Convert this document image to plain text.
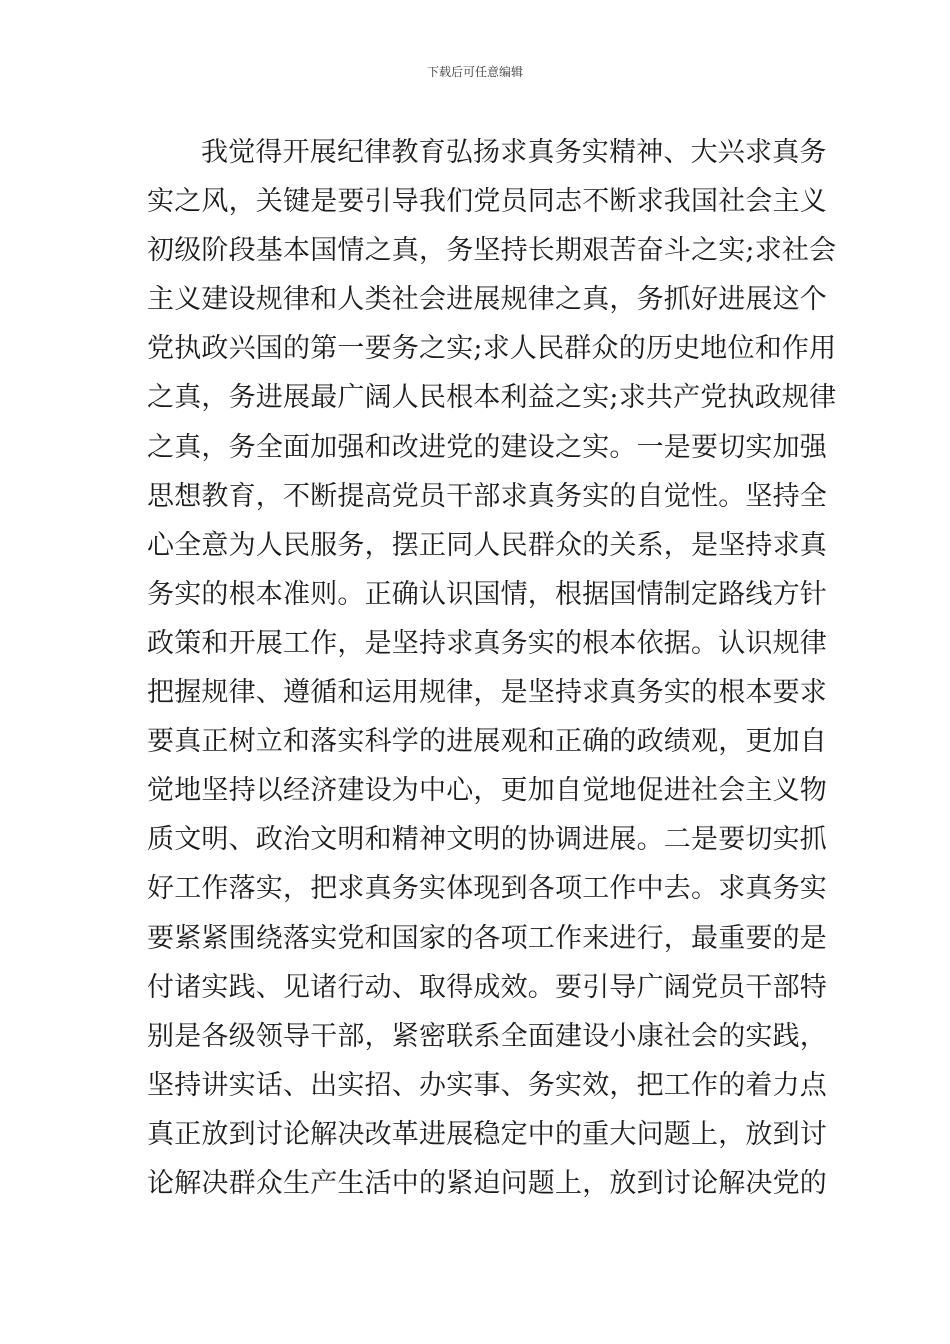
下载后可任意编辑
我觉得开展纪律教育弘扬求真务实精神、大兴求真务
实之风，关键是要引导我们党员同志不断求我国社会主义
初级阶段基本国情之真，务坚持长期艰苦奋斗之实;求社会
主义建设规律和人类社会进展规律之真，务抓好进展这个
党执政兴国的第一要务之实;求人民群众的历史地位和作用
之真，务进展最广阔人民根本利益之实;求共产党执政规律
之真，务全面加强和改进党的建设之实。一是要切实加强
思想教育，不断提高党员干部求真务实的自觉性。坚持全
心全意为人民服务，摆正同人民群众的关系，是坚持求真
务实的根本准则。正确认识国情，根据国情制定路线方针
政策和开展工作，是坚持求真务实的根本依据。认识规律
把握规律、遵循和运用规律，是坚持求真务实的根本要求
要真正树立和落实科学的进展观和正确的政绩观，更加自
觉地坚持以经济建设为中心，更加自觉地促进社会主义物
质文明、政治文明和精神文明的协调进展。二是要切实抓
好工作落实，把求真务实体现到各项工作中去。求真务实
要紧紧围绕落实党和国家的各项工作来进行，最重要的是
付诸实践、见诸行动、取得成效。要引导广阔党员干部特
别是各级领导干部，紧密联系全面建设小康社会的实践，
坚持讲实话、出实招、办实事、务实效，把工作的着力点
真正放到讨论解决改革进展稳定中的重大问题上，放到讨
论解决群众生产生活中的紧迫问题上，放到讨论解决党的
